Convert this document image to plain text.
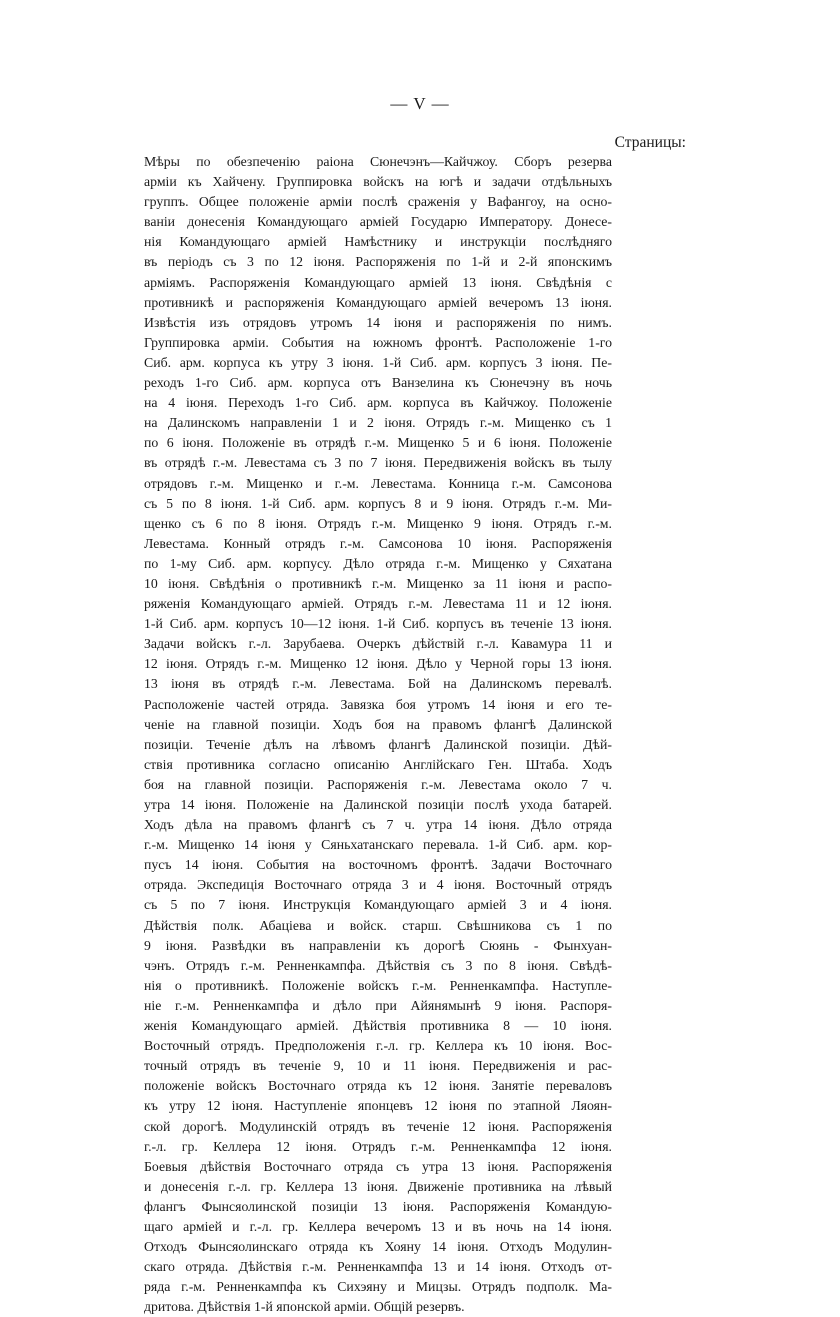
— V —
Страницы:
Мѣры по обезпеченію раіона Сюнечэнъ—Кайчжоу. Сборъ резерва
арміи къ Хайчену. Группировка войскъ на югѣ и задачи отдѣльныхъ
группъ. Общее положеніе арміи послѣ сраженія у Вафангоу, на осно-
ваніи донесенія Командующаго арміей Государю Императору. Донесе-
нія Командующаго арміей Намѣстнику и инструкціи послѣдняго
въ періодъ съ 3 по 12 іюня. Распоряженія по 1-й и 2-й японскимъ
арміямъ. Распоряженія Командующаго арміей 13 іюня. Свѣдѣнія с
противникѣ и распоряженія Командующаго арміей вечеромъ 13 іюня.
Извѣстія изъ отрядовъ утромъ 14 іюня и распоряженія по нимъ.
Группировка арміи. События на южномъ фронтѣ. Расположеніе 1-го
Сиб. арм. корпуса къ утру 3 іюня. 1-й Сиб. арм. корпусъ 3 іюня. Пе-
реходъ 1-го Сиб. арм. корпуса отъ Ванзелина къ Сюнечэну въ ночь
на 4 іюня. Переходъ 1-го Сиб. арм. корпуса въ Кайчжоу. Положеніе
на Далинскомъ направленіи 1 и 2 іюня. Отрядъ г.-м. Мищенко съ 1
по 6 іюня. Положеніе въ отрядѣ г.-м. Мищенко 5 и 6 іюня. Положеніе
въ отрядѣ г.-м. Левестама съ 3 по 7 іюня. Передвиженія войскъ въ тылу
отрядовъ г.-м. Мищенко и г.-м. Левестама. Конница г.-м. Самсонова
съ 5 по 8 іюня. 1-й Сиб. арм. корпусъ 8 и 9 іюня. Отрядъ г.-м. Ми-
щенко съ 6 по 8 іюня. Отрядъ г.-м. Мищенко 9 іюня. Отрядъ г.-м.
Левестама. Конный отрядъ г.-м. Самсонова 10 іюня. Распоряженія
по 1-му Сиб. арм. корпусу. Дѣло отряда г.-м. Мищенко у Сяхатана
10 іюня. Свѣдѣнія о противникѣ г.-м. Мищенко за 11 іюня и распо-
ряженія Командующаго арміей. Отрядъ г.-м. Левестама 11 и 12 іюня.
1-й Сиб. арм. корпусъ 10—12 іюня. 1-й Сиб. корпусъ въ теченіе 13 іюня.
Задачи войскъ г.-л. Зарубаева. Очеркъ дѣйствій г.-л. Кавамура 11 и
12 іюня. Отрядъ г.-м. Мищенко 12 іюня. Дѣло у Черной горы 13 іюня.
13 іюня въ отрядѣ г.-м. Левестама. Бой на Далинскомъ перевалѣ.
Расположеніе частей отряда. Завязка боя утромъ 14 іюня и его те-
ченіе на главной позиціи. Ходъ боя на правомъ флангѣ Далинской
позиціи. Теченіе дѣлъ на лѣвомъ флангѣ Далинской позиціи. Дѣй-
ствія противника согласно описанію Англійскаго Ген. Штаба. Ходъ
боя на главной позиціи. Распоряженія г.-м. Левестама около 7 ч.
утра 14 іюня. Положеніе на Далинской позиціи послѣ ухода батарей.
Ходъ дѣла на правомъ флангѣ съ 7 ч. утра 14 іюня. Дѣло отряда
г.-м. Мищенко 14 іюня у Сяньхатанскаго перевала. 1-й Сиб. арм. кор-
пусъ 14 іюня. События на восточномъ фронтѣ. Задачи Восточнаго
отряда. Экспедиція Восточнаго отряда 3 и 4 іюня. Восточный отрядъ
съ 5 по 7 іюня. Инструкція Командующаго арміей 3 и 4 іюня.
Дѣйствія полк. Абаціева и войск. старш. Свѣшникова съ 1 по
9 іюня. Развѣдки въ направленіи къ дорогѣ Сюянь - Фынхуан-
чэнъ. Отрядъ г.-м. Ренненкампфа. Дѣйствія съ 3 по 8 іюня. Свѣдѣ-
нія о противникѣ. Положеніе войскъ г.-м. Ренненкампфа. Наступле-
ніе г.-м. Ренненкампфа и дѣло при Айянямынѣ 9 іюня. Распоря-
женія Командующаго арміей. Дѣйствія противника 8 — 10 іюня.
Восточный отрядъ. Предположенія г.-л. гр. Келлера къ 10 іюня. Вос-
точный отрядъ въ теченіе 9, 10 и 11 іюня. Передвиженія и рас-
положеніе войскъ Восточнаго отряда къ 12 іюня. Занятіе переваловъ
къ утру 12 іюня. Наступленіе японцевъ 12 іюня по этапной Ляоян-
ской дорогѣ. Модулинскій отрядъ въ теченіе 12 іюня. Распоряженія
г.-л. гр. Келлера 12 іюня. Отрядъ г.-м. Ренненкампфа 12 іюня.
Боевыя дѣйствія Восточнаго отряда съ утра 13 іюня. Распоряженія
и донесенія г.-л. гр. Келлера 13 іюня. Движеніе противника на лѣвый
флангъ Фынсяолинской позиціи 13 іюня. Распоряженія Командую-
щаго арміей и г.-л. гр. Келлера вечеромъ 13 и въ ночь на 14 іюня.
Отходъ Фынсяолинскаго отряда къ Хояну 14 іюня. Отходъ Модулин-
скаго отряда. Дѣйствія г.-м. Ренненкампфа 13 и 14 іюня. Отходъ от-
ряда г.-м. Ренненкампфа къ Сихэяну и Мицзы. Отрядъ подполк. Ма-
дритова. Дѣйствія 1-й японской арміи. Общій резервъ.
